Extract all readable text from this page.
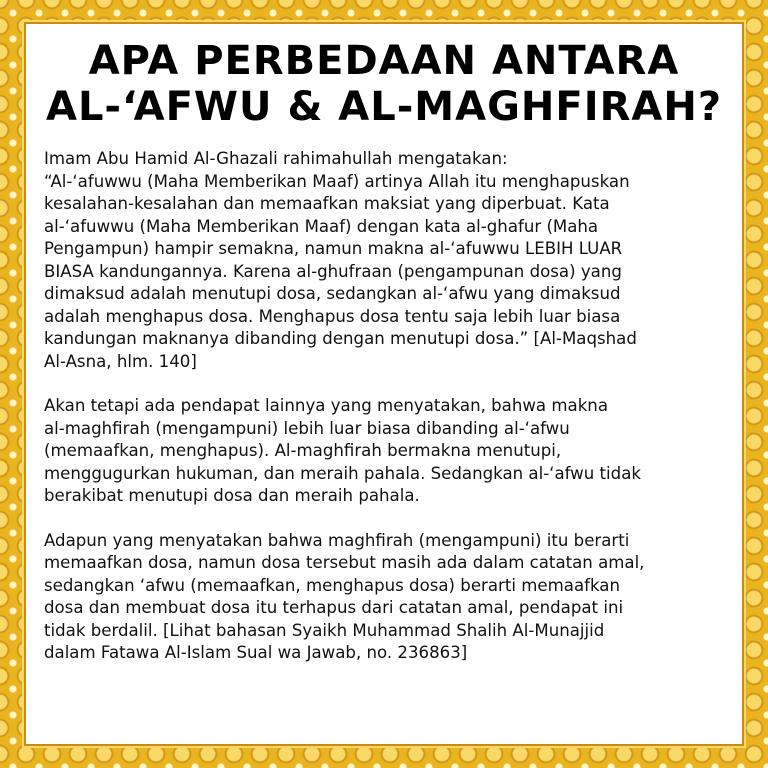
APA PERBEDAAN ANTARA
AL-‘AFWU & AL-MAGHFIRAH?

Imam Abu Hamid Al-Ghazali rahimahullah mengatakan:
“Al-‘afuwwu (Maha Memberikan Maaf) artinya Allah itu menghapuskan
kesalahan-kesalahan dan memaafkan maksiat yang diperbuat. Kata
al-‘afuwwu (Maha Memberikan Maaf) dengan kata al-ghafur (Maha
Pengampun) hampir semakna, namun makna al-‘afuwwu LEBIH LUAR
BIASA kandungannya. Karena al-ghufraan (pengampunan dosa) yang
dimaksud adalah menutupi dosa, sedangkan al-‘afwu yang dimaksud
adalah menghapus dosa. Menghapus dosa tentu saja lebih luar biasa
kandungan maknanya dibanding dengan menutupi dosa.” [Al-Maqshad
Al-Asna, hlm. 140]

Akan tetapi ada pendapat lainnya yang menyatakan, bahwa makna
al-maghfirah (mengampuni) lebih luar biasa dibanding al-‘afwu
(memaafkan, menghapus). Al-maghfirah bermakna menutupi,
menggugurkan hukuman, dan meraih pahala. Sedangkan al-‘afwu tidak
berakibat menutupi dosa dan meraih pahala.

Adapun yang menyatakan bahwa maghfirah (mengampuni) itu berarti
memaafkan dosa, namun dosa tersebut masih ada dalam catatan amal,
sedangkan ‘afwu (memaafkan, menghapus dosa) berarti memaafkan
dosa dan membuat dosa itu terhapus dari catatan amal, pendapat ini
tidak berdalil. [Lihat bahasan Syaikh Muhammad Shalih Al-Munajjid
dalam Fatawa Al-Islam Sual wa Jawab, no. 236863]
